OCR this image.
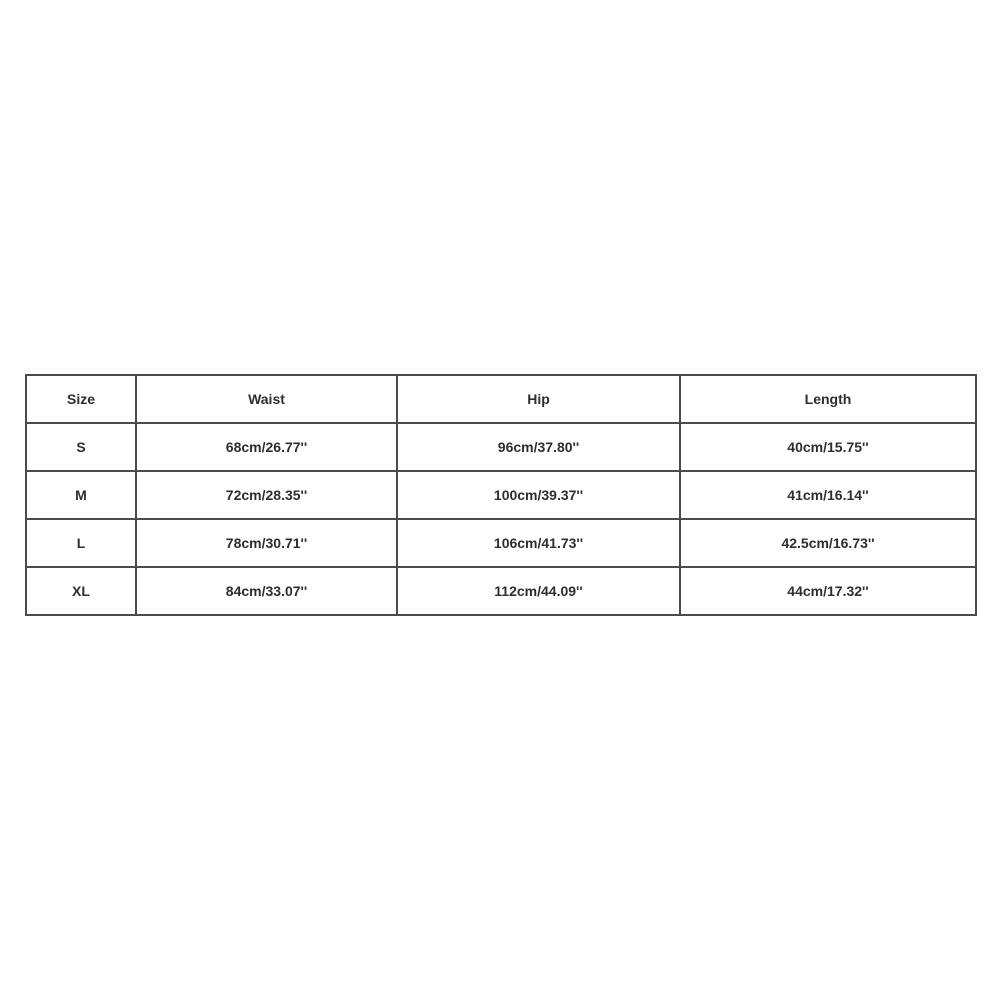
Size	Waist	Hip	Length
S	68cm/26.77''	96cm/37.80''	40cm/15.75''
M	72cm/28.35''	100cm/39.37''	41cm/16.14''
L	78cm/30.71''	106cm/41.73''	42.5cm/16.73''
XL	84cm/33.07''	112cm/44.09''	44cm/17.32''
